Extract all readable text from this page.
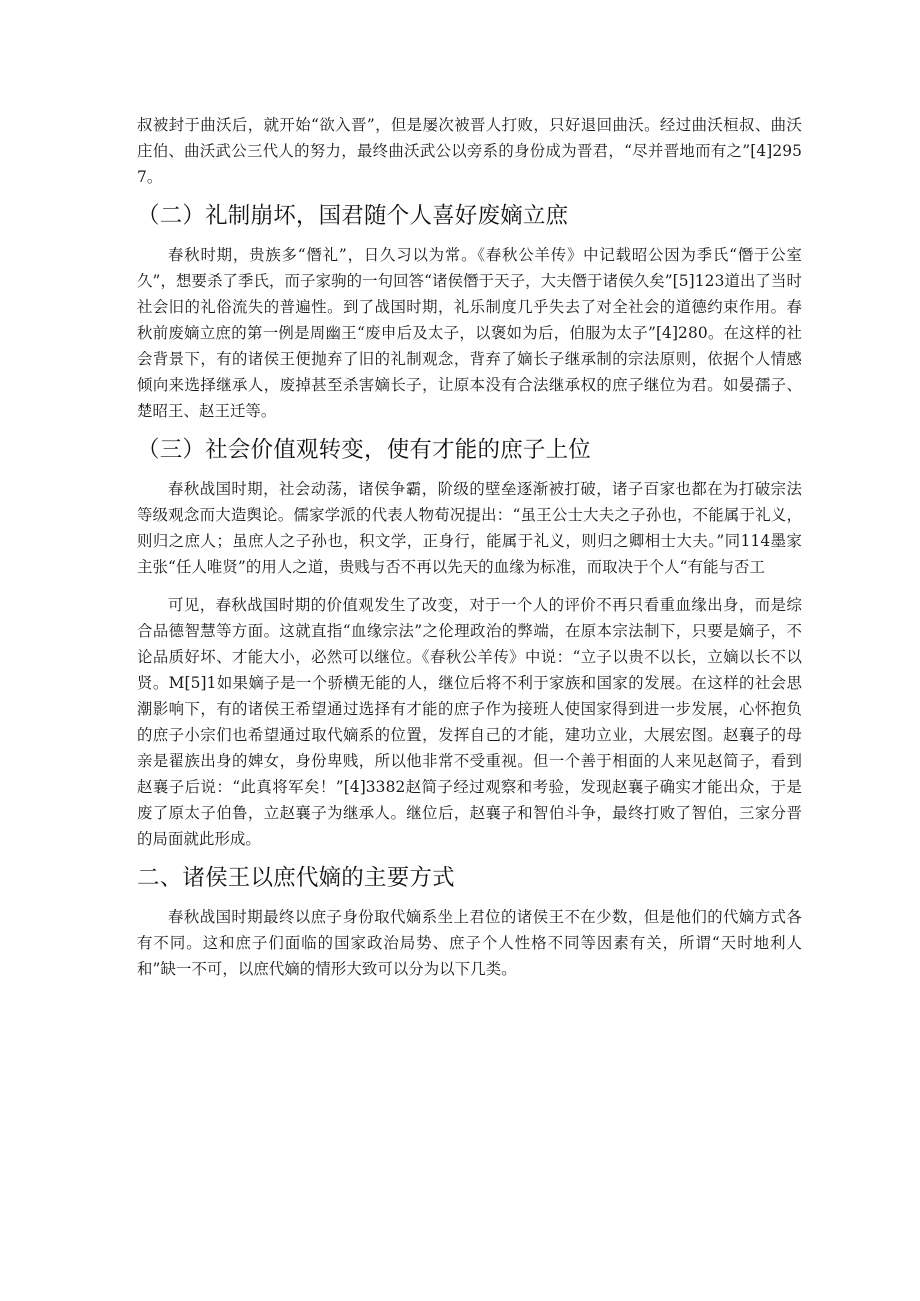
叔被封于曲沃后，就开始“欲入晋”，但是屡次被晋人打败，只好退回曲沃。经过曲沃桓叔、曲沃庄伯、曲沃武公三代人的努力，最终曲沃武公以旁系的身份成为晋君，“尽并晋地而有之”[4]2957。

（二）礼制崩坏，国君随个人喜好废嫡立庶

春秋时期，贵族多“僭礼”，日久习以为常。《春秋公羊传》中记载昭公因为季氏“僭于公室久”，想要杀了季氏，而子家驹的一句回答“诸侯僭于天子，大夫僭于诸侯久矣”[5]123道出了当时社会旧的礼俗流失的普遍性。到了战国时期，礼乐制度几乎失去了对全社会的道德约束作用。春秋前废嫡立庶的第一例是周幽王“废申后及太子，以褒如为后，伯服为太子”[4]280。在这样的社会背景下，有的诸侯王便抛弃了旧的礼制观念，背弃了嫡长子继承制的宗法原则，依据个人情感倾向来选择继承人，废掉甚至杀害嫡长子，让原本没有合法继承权的庶子继位为君。如晏孺子、楚昭王、赵王迁等。

（三）社会价值观转变，使有才能的庶子上位

春秋战国时期，社会动荡，诸侯争霸，阶级的壁垒逐渐被打破，诸子百家也都在为打破宗法等级观念而大造舆论。儒家学派的代表人物荀况提出：“虽王公士大夫之子孙也，不能属于礼义，则归之庶人；虽庶人之子孙也，积文学，正身行，能属于礼义，则归之卿相士大夫。”同114墨家主张“任人唯贤”的用人之道，贵贱与否不再以先天的血缘为标准，而取决于个人“有能与否工

可见，春秋战国时期的价值观发生了改变，对于一个人的评价不再只看重血缘出身，而是综合品德智慧等方面。这就直指“血缘宗法”之伦理政治的弊端，在原本宗法制下，只要是嫡子，不论品质好坏、才能大小，必然可以继位。《春秋公羊传》中说：“立子以贵不以长，立嫡以长不以贤。M[5]1如果嫡子是一个骄横无能的人，继位后将不利于家族和国家的发展。在这样的社会思潮影响下，有的诸侯王希望通过选择有才能的庶子作为接班人使国家得到进一步发展，心怀抱负的庶子小宗们也希望通过取代嫡系的位置，发挥自己的才能，建功立业，大展宏图。赵襄子的母亲是翟族出身的婢女，身份卑贱，所以他非常不受重视。但一个善于相面的人来见赵简子，看到赵襄子后说：“此真将军矣！”[4]3382赵简子经过观察和考验，发现赵襄子确实才能出众，于是废了原太子伯鲁，立赵襄子为继承人。继位后，赵襄子和智伯斗争，最终打败了智伯，三家分晋的局面就此形成。

二、诸侯王以庶代嫡的主要方式

春秋战国时期最终以庶子身份取代嫡系坐上君位的诸侯王不在少数，但是他们的代嫡方式各有不同。这和庶子们面临的国家政治局势、庶子个人性格不同等因素有关，所谓“天时地利人和”缺一不可，以庶代嫡的情形大致可以分为以下几类。
